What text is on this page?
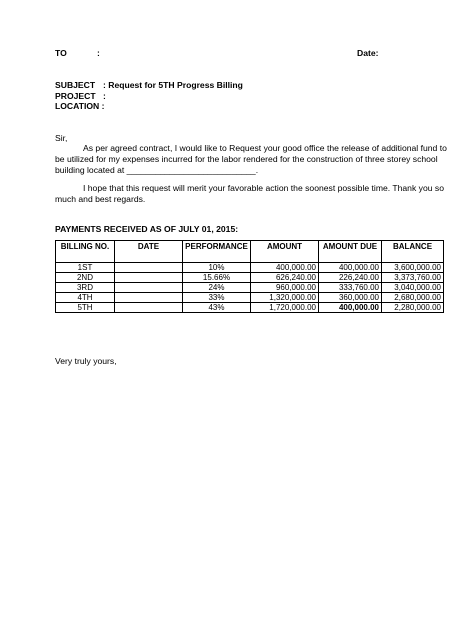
TO	:	Date:
SUBJECT : Request for 5TH Progress Billing
PROJECT :
LOCATION :
Sir,
As per agreed contract, I would like to Request your good office the release of additional fund to
be utilized for my expenses incurred for the labor rendered for the construction of three storey school
building located at ___________________________.
I hope that this request will merit your favorable action the soonest possible time. Thank you so
much and best regards.
PAYMENTS RECEIVED AS OF JULY 01, 2015:
BILLING NO.	DATE	PERFORMANCE	AMOUNT	AMOUNT DUE	BALANCE
1ST		10%	400,000.00	400,000.00	3,600,000.00
2ND		15.66%	626,240.00	226,240.00	3,373,760.00
3RD		24%	960,000.00	333,760.00	3,040,000.00
4TH		33%	1,320,000.00	360,000.00	2,680,000.00
5TH		43%	1,720,000.00	400,000.00	2,280,000.00
Very truly yours,
